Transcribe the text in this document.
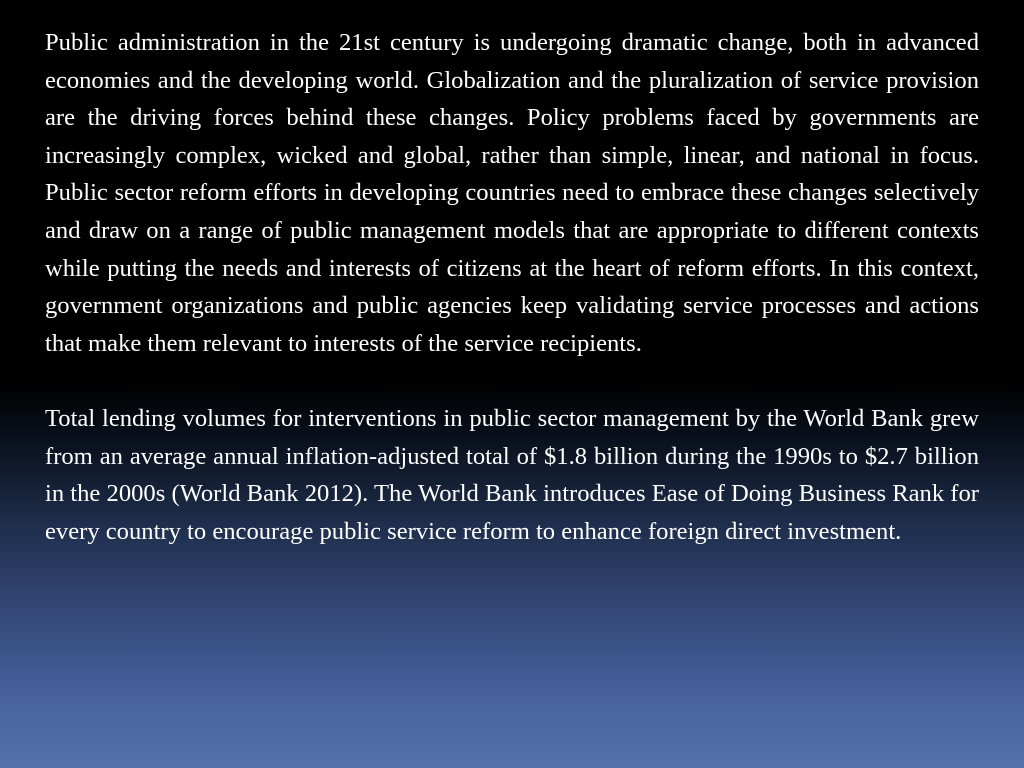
Public administration in the 21st century is undergoing dramatic change, both in advanced economies and the developing world. Globalization and the pluralization of service provision are the driving forces behind these changes. Policy problems faced by governments are increasingly complex, wicked and global, rather than simple, linear, and national in focus. Public sector reform efforts in developing countries need to embrace these changes selectively and draw on a range of public management models that are appropriate to different contexts while putting the needs and interests of citizens at the heart of reform efforts. In this context, government organizations and public agencies keep validating service processes and actions that make them relevant to interests of the service recipients.

Total lending volumes for interventions in public sector management by the World Bank grew from an average annual inflation-adjusted total of $1.8 billion during the 1990s to $2.7 billion in the 2000s (World Bank 2012). The World Bank introduces Ease of Doing Business Rank for every country to encourage public service reform to enhance foreign direct investment.
